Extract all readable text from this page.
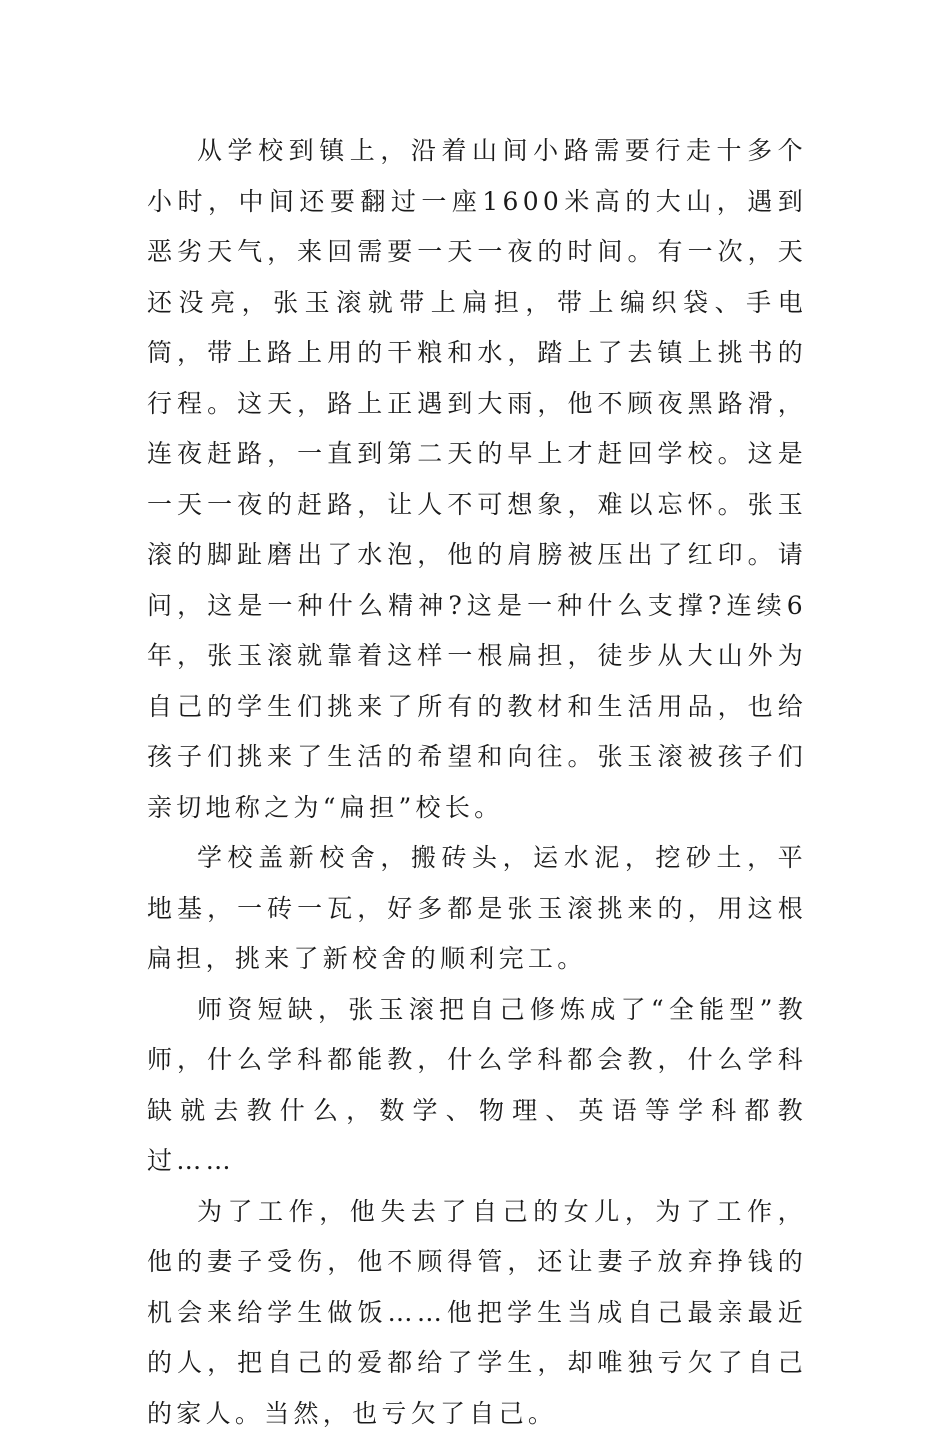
从学校到镇上，沿着山间小路需要行走十多个小时，中间还要翻过一座1600米高的大山，遇到恶劣天气，来回需要一天一夜的时间。有一次，天还没亮，张玉滚就带上扁担，带上编织袋、手电筒，带上路上用的干粮和水，踏上了去镇上挑书的行程。这天，路上正遇到大雨，他不顾夜黑路滑，连夜赶路，一直到第二天的早上才赶回学校。这是一天一夜的赶路，让人不可想象，难以忘怀。张玉滚的脚趾磨出了水泡，他的肩膀被压出了红印。请问，这是一种什么精神?这是一种什么支撑?连续6年，张玉滚就靠着这样一根扁担，徒步从大山外为自己的学生们挑来了所有的教材和生活用品，也给孩子们挑来了生活的希望和向往。张玉滚被孩子们亲切地称之为“扁担”校长。

学校盖新校舍，搬砖头，运水泥，挖砂土，平地基，一砖一瓦，好多都是张玉滚挑来的，用这根扁担，挑来了新校舍的顺利完工。

师资短缺，张玉滚把自己修炼成了“全能型”教师，什么学科都能教，什么学科都会教，什么学科缺就去教什么，数学、物理、英语等学科都教过……

为了工作，他失去了自己的女儿，为了工作，他的妻子受伤，他不顾得管，还让妻子放弃挣钱的机会来给学生做饭……他把学生当成自己最亲最近的人，把自己的爱都给了学生，却唯独亏欠了自己的家人。当然，也亏欠了自己。
